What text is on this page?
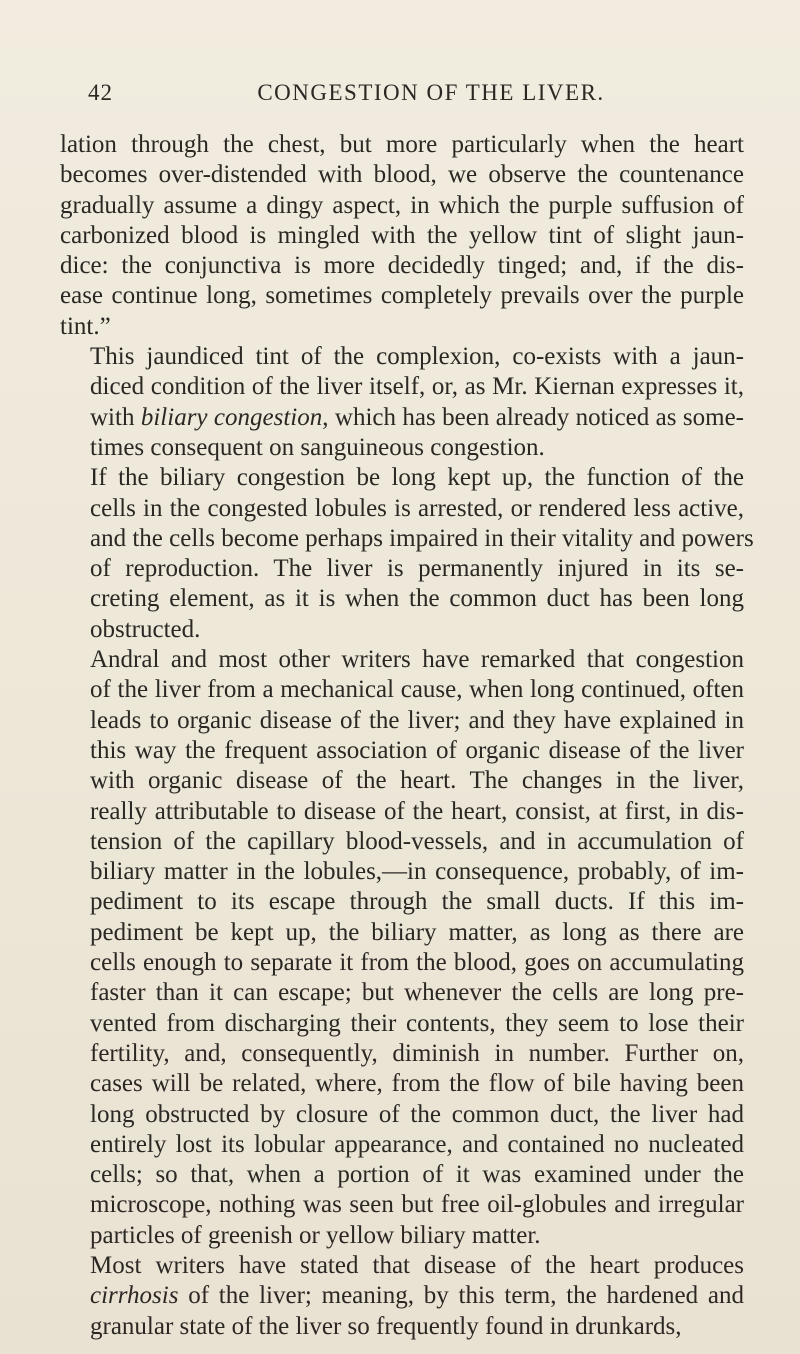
42	CONGESTION OF THE LIVER.
lation through the chest, but more particularly when the heart
becomes over-distended with blood, we observe the countenance
gradually assume a dingy aspect, in which the purple suffusion of
carbonized blood is mingled with the yellow tint of slight jaun-
dice: the conjunctiva is more decidedly tinged; and, if the dis-
ease continue long, sometimes completely prevails over the purple
tint.”
This jaundiced tint of the complexion, co-exists with a jaun-
diced condition of the liver itself, or, as Mr. Kiernan expresses it,
with biliary congestion, which has been already noticed as some-
times consequent on sanguineous congestion.
If the biliary congestion be long kept up, the function of the
cells in the congested lobules is arrested, or rendered less active,
and the cells become perhaps impaired in their vitality and powers
of reproduction. The liver is permanently injured in its se-
creting element, as it is when the common duct has been long
obstructed.
Andral and most other writers have remarked that congestion
of the liver from a mechanical cause, when long continued, often
leads to organic disease of the liver; and they have explained in
this way the frequent association of organic disease of the liver
with organic disease of the heart. The changes in the liver,
really attributable to disease of the heart, consist, at first, in dis-
tension of the capillary blood-vessels, and in accumulation of
biliary matter in the lobules,—in consequence, probably, of im-
pediment to its escape through the small ducts. If this im-
pediment be kept up, the biliary matter, as long as there are
cells enough to separate it from the blood, goes on accumulating
faster than it can escape; but whenever the cells are long pre-
vented from discharging their contents, they seem to lose their
fertility, and, consequently, diminish in number. Further on,
cases will be related, where, from the flow of bile having been
long obstructed by closure of the common duct, the liver had
entirely lost its lobular appearance, and contained no nucleated
cells; so that, when a portion of it was examined under the
microscope, nothing was seen but free oil-globules and irregular
particles of greenish or yellow biliary matter.
Most writers have stated that disease of the heart produces
cirrhosis of the liver; meaning, by this term, the hardened and
granular state of the liver so frequently found in drunkards,
